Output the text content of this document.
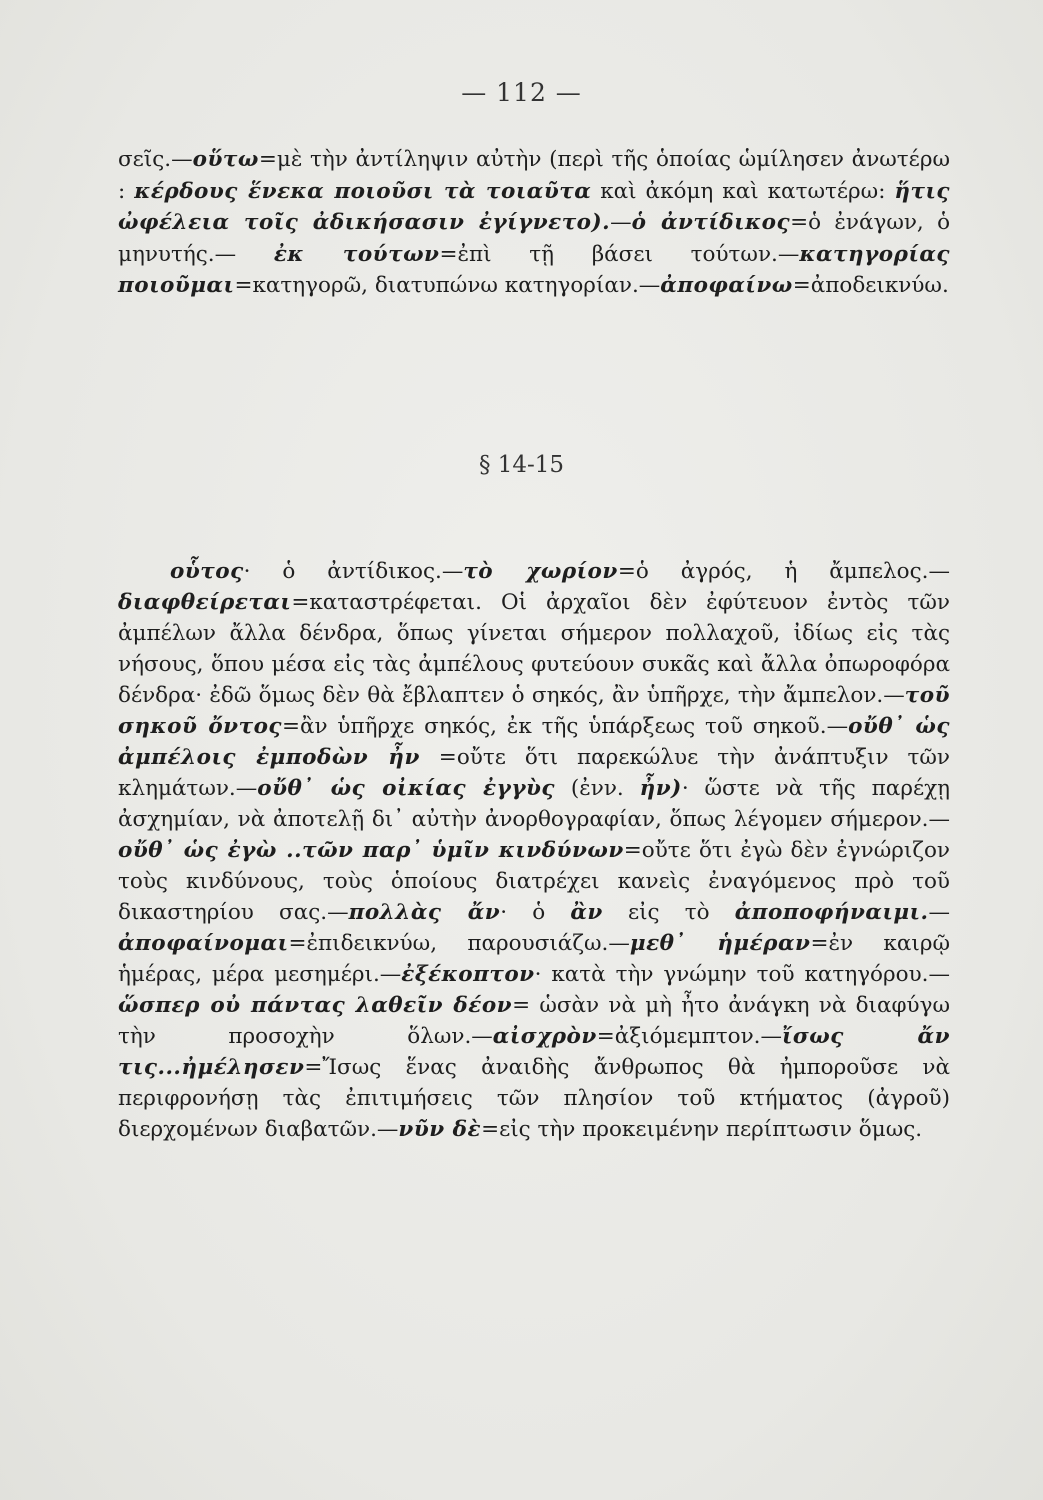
— 112 —

σεῖς.—οὕτω=μὲ τὴν ἀντίληψιν αὐτὴν (περὶ τῆς ὁποίας ὡμίλησεν ἀνωτέρω : κέρδους ἕνεκα ποιοῦσι τὰ τοιαῦτα καὶ ἀκόμη καὶ κατωτέρω: ἥτις ὠφέλεια τοῖς ἀδικήσασιν ἐγίγνετο).—ὁ ἀντίδικος=ὁ ἐνάγων, ὁ μηνυτής.— ἐκ τούτων=ἐπὶ τῇ βάσει τούτων.—κατηγορίας ποιοῦμαι=κατηγορῶ, διατυπώνω κατηγορίαν.—ἀποφαίνω=ἀποδεικνύω.

§ 14-15

οὗτος· ὁ ἀντίδικος.—τὸ χωρίον=ὁ ἀγρός, ἡ ἄμπελος.—διαφθείρεται=καταστρέφεται. Οἱ ἀρχαῖοι δὲν ἐφύτευον ἐντὸς τῶν ἀμπέλων ἄλλα δένδρα, ὅπως γίνεται σήμερον πολλαχοῦ, ἰδίως εἰς τὰς νήσους, ὅπου μέσα εἰς τὰς ἀμπέλους φυτεύουν συκᾶς καὶ ἄλλα ὀπωροφόρα δένδρα· ἐδῶ ὅμως δὲν θὰ ἔβλαπτεν ὁ σηκός, ἂν ὑπῆρχε, τὴν ἄμπελον.—τοῦ σηκοῦ ὄντος=ἂν ὑπῆρχε σηκός, ἐκ τῆς ὑπάρξεως τοῦ σηκοῦ.—οὔθ᾿ ὡς ἀμπέλοις ἐμποδὼν ἦν =οὔτε ὅτι παρεκώλυε τὴν ἀνάπτυξιν τῶν κλημάτων.—οὔθ᾿ ὡς οἰκίας ἐγγὺς (ἐνν. ἦν)· ὥστε νὰ τῆς παρέχῃ ἀσχημίαν, νὰ ἀποτελῇ δι᾿ αὐτὴν ἀνορθογραφίαν, ὅπως λέγομεν σήμερον.—οὔθ᾿ ὡς ἐγὼ ..τῶν παρ᾿ ὑμῖν κινδύνων=οὔτε ὅτι ἐγὼ δὲν ἐγνώριζον τοὺς κινδύνους, τοὺς ὁποίους διατρέχει κανεὶς ἐναγόμενος πρὸ τοῦ δικαστηρίου σας.—πολλὰς ἄν· ὁ ἂν εἰς τὸ ἀποποφήναιμι.— ἀποφαίνομαι=ἐπιδεικνύω, παρουσιάζω.—μεθ᾿ ἡμέραν=ἐν καιρῷ ἡμέρας, μέρα μεσημέρι.—ἐξέκοπτον· κατὰ τὴν γνώμην τοῦ κατηγόρου.—ὥσπερ οὐ πάντας λαθεῖν δέον= ὡσὰν νὰ μὴ ἦτο ἀνάγκη νὰ διαφύγω τὴν προσοχὴν ὅλων.—αἰσχρὸν=ἀξιόμεμπτον.—ἴσως ἄν τις...ἠμέλησεν=Ἴσως ἕνας ἀναιδὴς ἄνθρωπος θὰ ἠμποροῦσε νὰ περιφρονήσῃ τὰς ἐπιτιμήσεις τῶν πλησίον τοῦ κτήματος (ἀγροῦ) διερχομένων διαβατῶν.—νῦν δὲ=εἰς τὴν προκειμένην περίπτωσιν ὅμως.
